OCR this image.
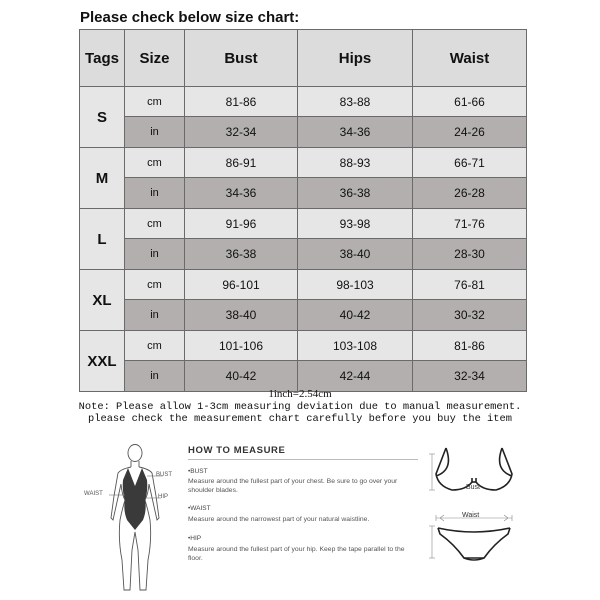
Please check below size chart:
Tags	Size	Bust	Hips	Waist
S	cm	81-86	83-88	61-66
	in	32-34	34-36	24-26
M	cm	86-91	88-93	66-71
	in	34-36	36-38	26-28
L	cm	91-96	93-98	71-76
	in	36-38	38-40	28-30
XL	cm	96-101	98-103	76-81
	in	38-40	40-42	30-32
XXL	cm	101-106	103-108	81-86
	in	40-42	42-44	32-34
1inch=2.54cm
Note: Please allow 1-3cm measuring deviation due to manual measurement.
please check the measurement chart carefully before you buy the item
BUST
WAIST	HIP
HOW TO MEASURE
•BUST
Measure around the fullest part of your chest. Be sure to go over your shoulder blades.
•WAIST
Measure around the narrowest part of your natural waistline.
•HIP
Measure around the fullest part of your hip. Keep the tape parallel to the floor.
Bust
Waist
